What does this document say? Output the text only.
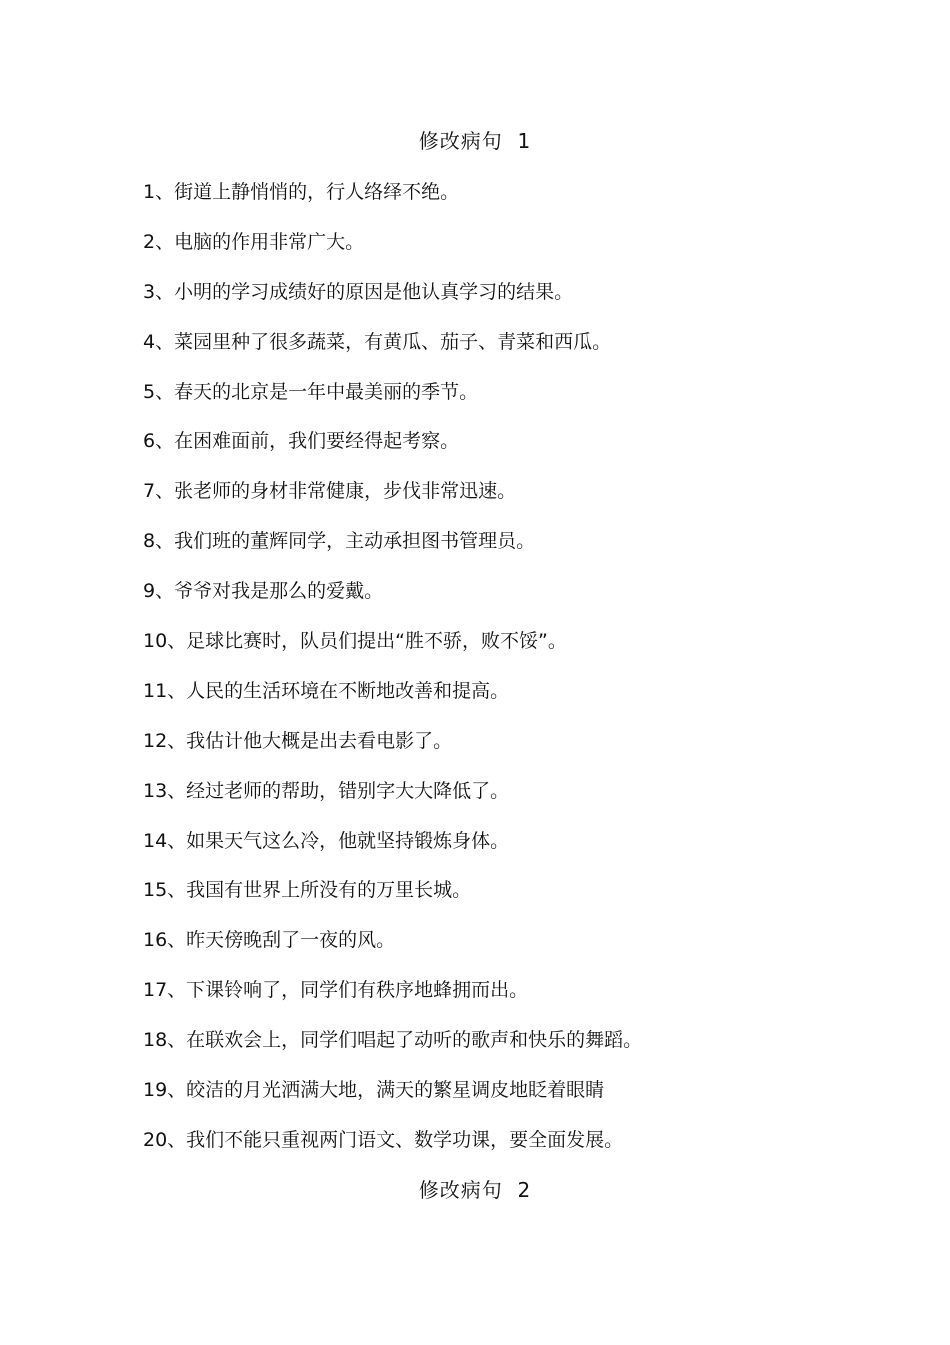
修改病句  1
1、街道上静悄悄的，行人络绎不绝。
2、电脑的作用非常广大。
3、小明的学习成绩好的原因是他认真学习的结果。
4、菜园里种了很多蔬菜，有黄瓜、茄子、青菜和西瓜。
5、春天的北京是一年中最美丽的季节。
6、在困难面前，我们要经得起考察。
7、张老师的身材非常健康，步伐非常迅速。
8、我们班的董辉同学，主动承担图书管理员。
9、爷爷对我是那么的爱戴。
10、足球比赛时，队员们提出“胜不骄，败不馁”。
11、人民的生活环境在不断地改善和提高。
12、我估计他大概是出去看电影了。
13、经过老师的帮助，错别字大大降低了。
14、如果天气这么冷，他就坚持锻炼身体。
15、我国有世界上所没有的万里长城。
16、昨天傍晚刮了一夜的风。
17、下课铃响了，同学们有秩序地蜂拥而出。
18、在联欢会上，同学们唱起了动听的歌声和快乐的舞蹈。
19、皎洁的月光洒满大地，满天的繁星调皮地眨着眼睛
20、我们不能只重视两门语文、数学功课，要全面发展。
修改病句  2
